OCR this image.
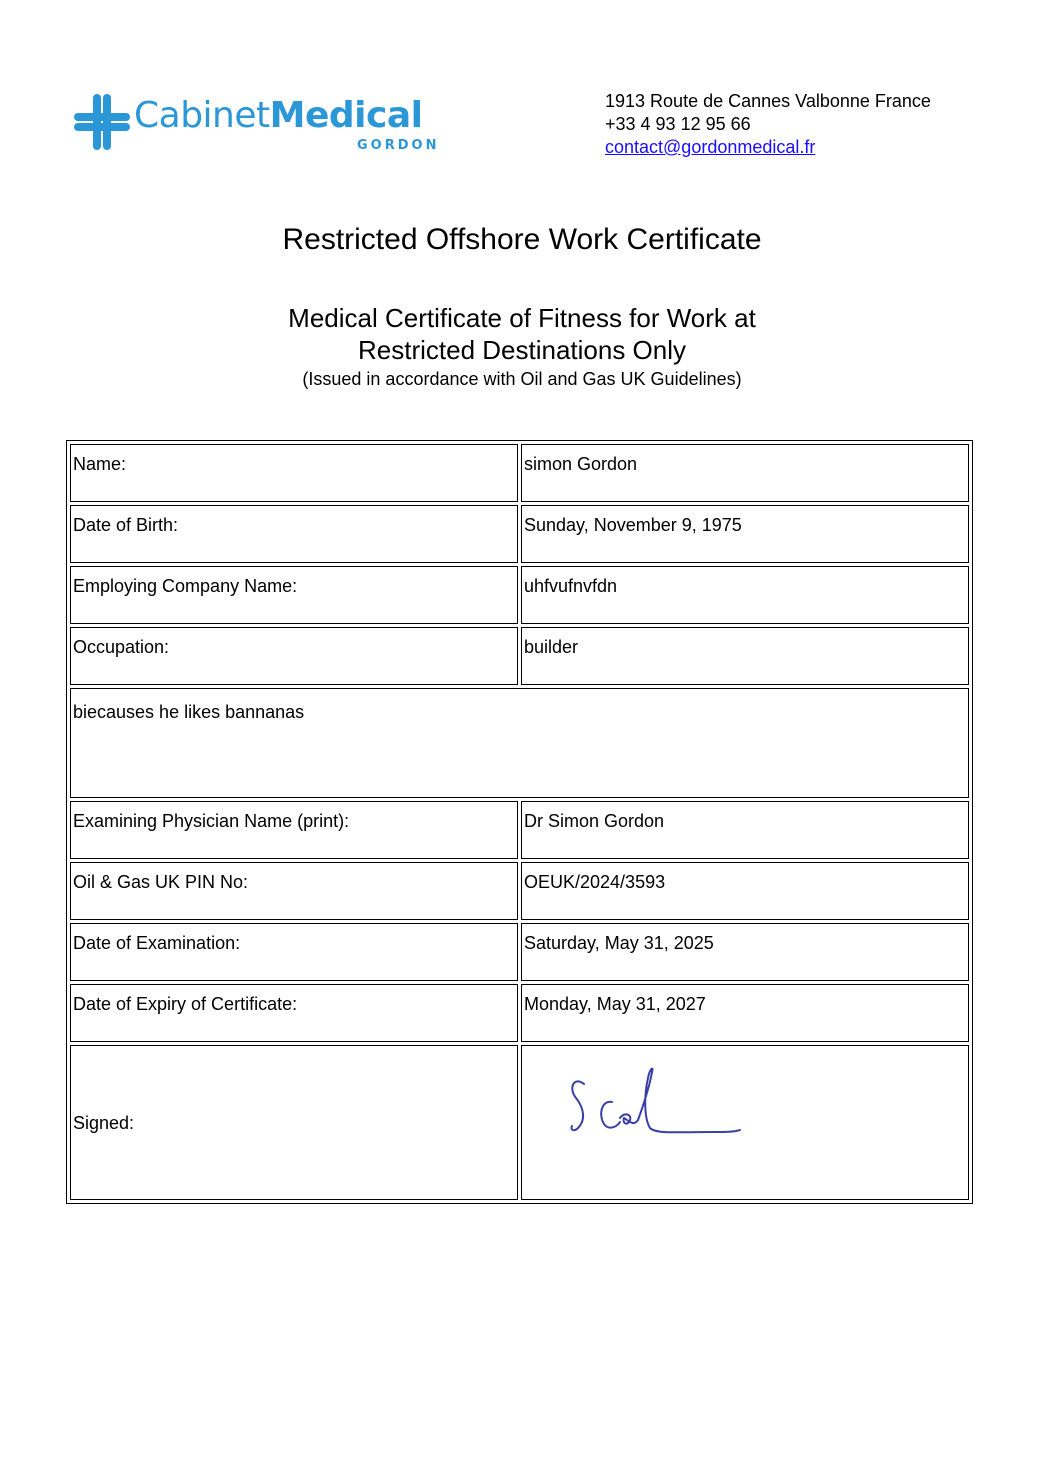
CabinetMedical
GORDON
1913 Route de Cannes Valbonne France
+33 4 93 12 95 66
contact@gordonmedical.fr
Restricted Offshore Work Certificate
Medical Certificate of Fitness for Work at
Restricted Destinations Only
(Issued in accordance with Oil and Gas UK Guidelines)
Name:	simon Gordon
Date of Birth:	Sunday, November 9, 1975
Employing Company Name:	uhfvufnvfdn
Occupation:	builder
biecauses he likes bannanas	
Examining Physician Name (print):	Dr Simon Gordon
Oil & Gas UK PIN No:	OEUK/2024/3593
Date of Examination:	Saturday, May 31, 2025
Date of Expiry of Certificate:	Monday, May 31, 2027
Signed:	
